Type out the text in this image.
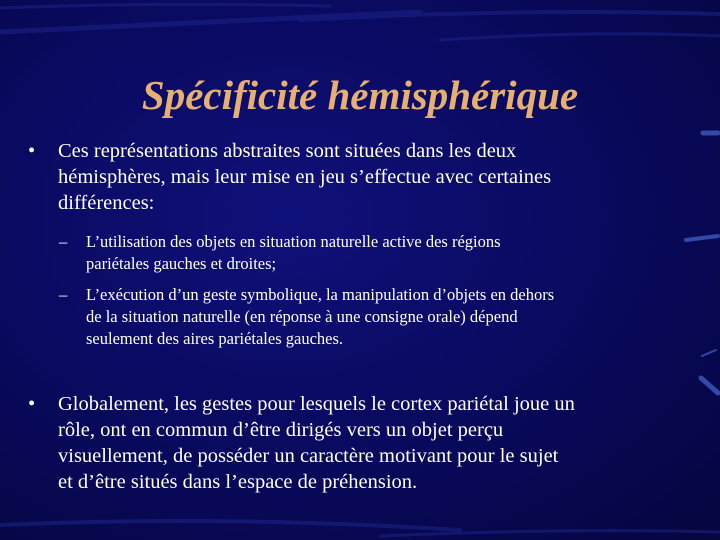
Spécificité hémisphérique
• Ces représentations abstraites sont situées dans les deux
hémisphères, mais leur mise en jeu s’effectue avec certaines
différences:
– L’utilisation des objets en situation naturelle active des régions
pariétales gauches et droites;
– L’exécution d’un geste symbolique, la manipulation d’objets en dehors
de la situation naturelle (en réponse à une consigne orale) dépend
seulement des aires pariétales gauches.
• Globalement, les gestes pour lesquels le cortex pariétal joue un
rôle, ont en commun d’être dirigés vers un objet perçu
visuellement, de posséder un caractère motivant pour le sujet
et d’être situés dans l’espace de préhension.
